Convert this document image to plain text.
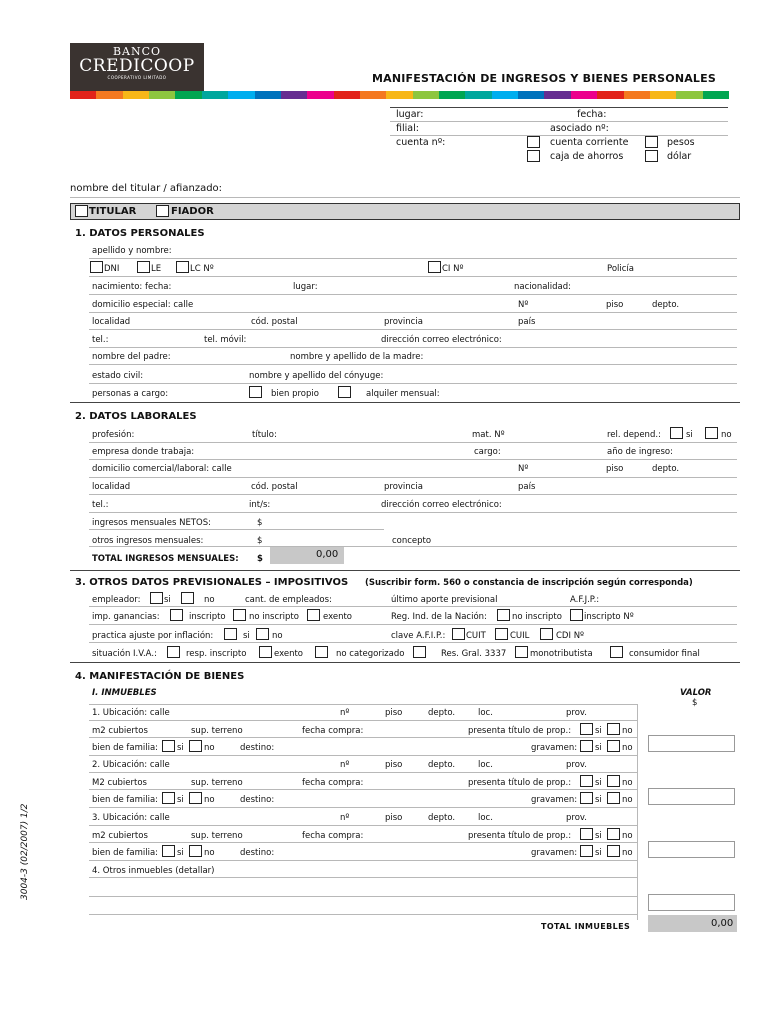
BANCO
CREDICOOP
COOPERATIVO LIMITADO	MANIFESTACIÓN DE INGRESOS Y BIENES PERSONALES
lugar:	fecha:
filial:	asociado nº:
cuenta nº:	cuenta corriente	pesos
caja de ahorros	dólar
nombre del titular / afianzado:
TITULAR	FIADOR
1. DATOS PERSONALES
apellido y nombre:
DNI	LE	LC Nº	CI Nº	Policía
nacimiento: fecha:	lugar:	nacionalidad:
domicilio especial: calle	Nº	piso	depto.
localidad	cód. postal	provincia	país
tel.:	tel. móvil:	dirección correo electrónico:
nombre del padre:	nombre y apellido de la madre:
estado civil:	nombre y apellido del cónyuge:
personas a cargo:	bien propio	alquiler mensual:
2. DATOS LABORALES
profesión:	título:	mat. Nº	rel. depend.:	si	no
empresa donde trabaja:	cargo:	año de ingreso:
domicilio comercial/laboral: calle	Nº	piso	depto.
localidad	cód. postal	provincia	país
tel.:	int/s:	dirección correo electrónico:
ingresos mensuales NETOS:	$
otros ingresos mensuales:	$	concepto
TOTAL INGRESOS MENSUALES: $	0,00
3. OTROS DATOS PREVISIONALES – IMPOSITIVOS (Suscribir form. 560 o constancia de inscripción según corresponda)
empleador:	si	no	cant. de empleados:	último aporte previsional	A.F.J.P.:
imp. ganancias:	inscripto	no inscripto	exento	Reg. Ind. de la Nación:	no inscripto	inscripto Nº
practica ajuste por inflación:	si	no	clave A.F.I.P.: CUIT	CUIL	CDI Nº
situación I.V.A.:	resp. inscripto	exento	no categorizado	Res. Gral. 3337	monotributista	consumidor final
4. MANIFESTACIÓN DE BIENES
I. INMUEBLES	VALOR
$
1. Ubicación: calle	nº	piso	depto.	loc.	prov.
m2 cubiertos	sup. terreno	fecha compra:	presenta título de prop.:	si no
bien de familia: si no	destino:	gravamen: si no
2. Ubicación: calle	nº	piso	depto.	loc.	prov.
M2 cubiertos	sup. terreno	fecha compra:	presenta título de prop.:	si no
bien de familia: si no	destino:	gravamen: si no
3. Ubicación: calle	nº	piso	depto.	loc.	prov.
m2 cubiertos	sup. terreno	fecha compra:	presenta título de prop.:	si no
bien de familia: si no	destino:	gravamen: si no
4. Otros inmuebles (detallar)
TOTAL INMUEBLES	0,00
3004-3 (02/2007) 1/2
